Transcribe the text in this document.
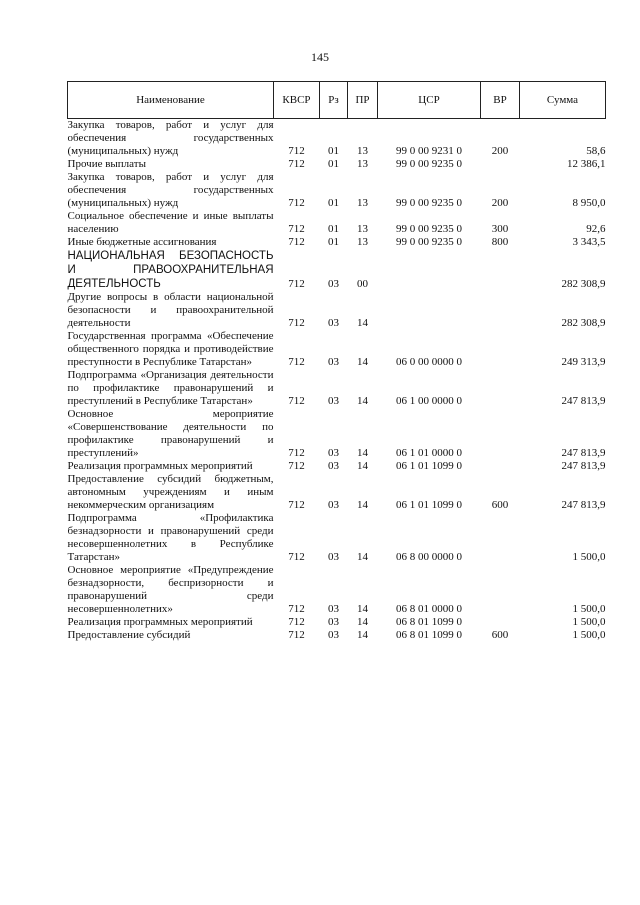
145
Наименование	КВСР	Рз	ПР	ЦСР	ВР	Сумма
Закупка товаров, работ и услуг для обеспечения государственных (муниципальных) нужд	712	01	13	99 0 00 9231 0	200	58,6
Прочие выплаты	712	01	13	99 0 00 9235 0		12 386,1
Закупка товаров, работ и услуг для обеспечения государственных (муниципальных) нужд	712	01	13	99 0 00 9235 0	200	8 950,0
Социальное обеспечение и иные выплаты населению	712	01	13	99 0 00 9235 0	300	92,6
Иные бюджетные ассигнования	712	01	13	99 0 00 9235 0	800	3 343,5
НАЦИОНАЛЬНАЯ БЕЗОПАСНОСТЬ И ПРАВООХРАНИТЕЛЬНАЯ ДЕЯТЕЛЬНОСТЬ	712	03	00			282 308,9
Другие вопросы в области национальной безопасности и правоохранительной деятельности	712	03	14			282 308,9
Государственная программа «Обеспечение общественного порядка и противодействие преступности в Республике Татарстан»	712	03	14	06 0 00 0000 0		249 313,9
Подпрограмма «Организация деятельности по профилактике правонарушений и преступлений в Республике Татарстан»	712	03	14	06 1 00 0000 0		247 813,9
Основное мероприятие «Совершенствование деятельности по профилактике правонарушений и преступлений»	712	03	14	06 1 01 0000 0		247 813,9
Реализация программных мероприятий	712	03	14	06 1 01 1099 0		247 813,9
Предоставление субсидий бюджетным, автономным учреждениям и иным некоммерческим организациям	712	03	14	06 1 01 1099 0	600	247 813,9
Подпрограмма «Профилактика безнадзорности и правонарушений среди несовершеннолетних в Республике Татарстан»	712	03	14	06 8 00 0000 0		1 500,0
Основное мероприятие «Предупреждение безнадзорности, беспризорности и правонарушений среди несовершеннолетних»	712	03	14	06 8 01 0000 0		1 500,0
Реализация программных мероприятий	712	03	14	06 8 01 1099 0		1 500,0
Предоставление субсидий	712	03	14	06 8 01 1099 0	600	1 500,0
